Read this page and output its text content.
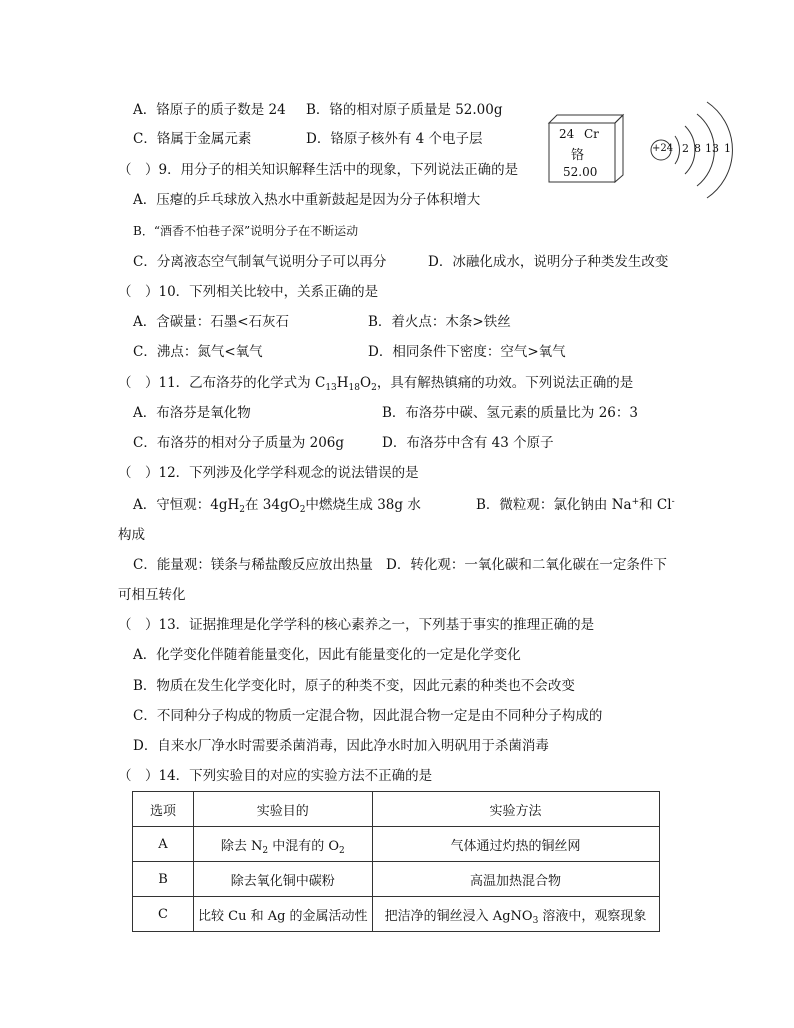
24 Cr
铬
52.00
+24 2 8 13 1
A．铬原子的质子数是 24 B．铬的相对原子质量是 52.00g
C．铬属于金属元素	D．铬原子核外有 4 个电子层
（　）9．用分子的相关知识解释生活中的现象，下列说法正确的是
A．压瘪的乒乓球放入热水中重新鼓起是因为分子体积增大
B．“酒香不怕巷子深”说明分子在不断运动
C．分离液态空气制氧气说明分子可以再分	D．冰融化成水，说明分子种类发生改变
（　）10．下列相关比较中，关系正确的是
A．含碳量：石墨<石灰石	B．着火点：木条>铁丝
C．沸点：氮气<氧气	D．相同条件下密度：空气>氧气
（　）11．乙布洛芬的化学式为 $C_{13}H_{18}O_2$，具有解热镇痛的功效。下列说法正确的是
A．布洛芬是氧化物	B．布洛芬中碳、氢元素的质量比为 26：3
C．布洛芬的相对分子质量为 206g	D．布洛芬中含有 43 个原子
（　）12．下列涉及化学学科观念的说法错误的是
A．守恒观：$4gH_2$在 $34gO_2$中燃烧生成 38g 水	B．微粒观：氯化钠由 Na+和 Cl-
构成
C．能量观：镁条与稀盐酸反应放出热量 D．转化观：一氧化碳和二氧化碳在一定条件下
可相互转化
（　）13．证据推理是化学学科的核心素养之一，下列基于事实的推理正确的是
A．化学变化伴随着能量变化，因此有能量变化的一定是化学变化
B．物质在发生化学变化时，原子的种类不变，因此元素的种类也不会改变
C．不同种分子构成的物质一定混合物，因此混合物一定是由不同种分子构成的
D．自来水厂净水时需要杀菌消毒，因此净水时加入明矾用于杀菌消毒
（　）14．下列实验目的对应的实验方法不正确的是
选项	实验目的	实验方法
A	除去 $N_2$ 中混有的 $O_2$	气体通过灼热的铜丝网
B	除去氧化铜中碳粉	高温加热混合物
C	比较 Cu 和 Ag 的金属活动性	把洁净的铜丝浸入 AgNO$_3$ 溶液中，观察现象
